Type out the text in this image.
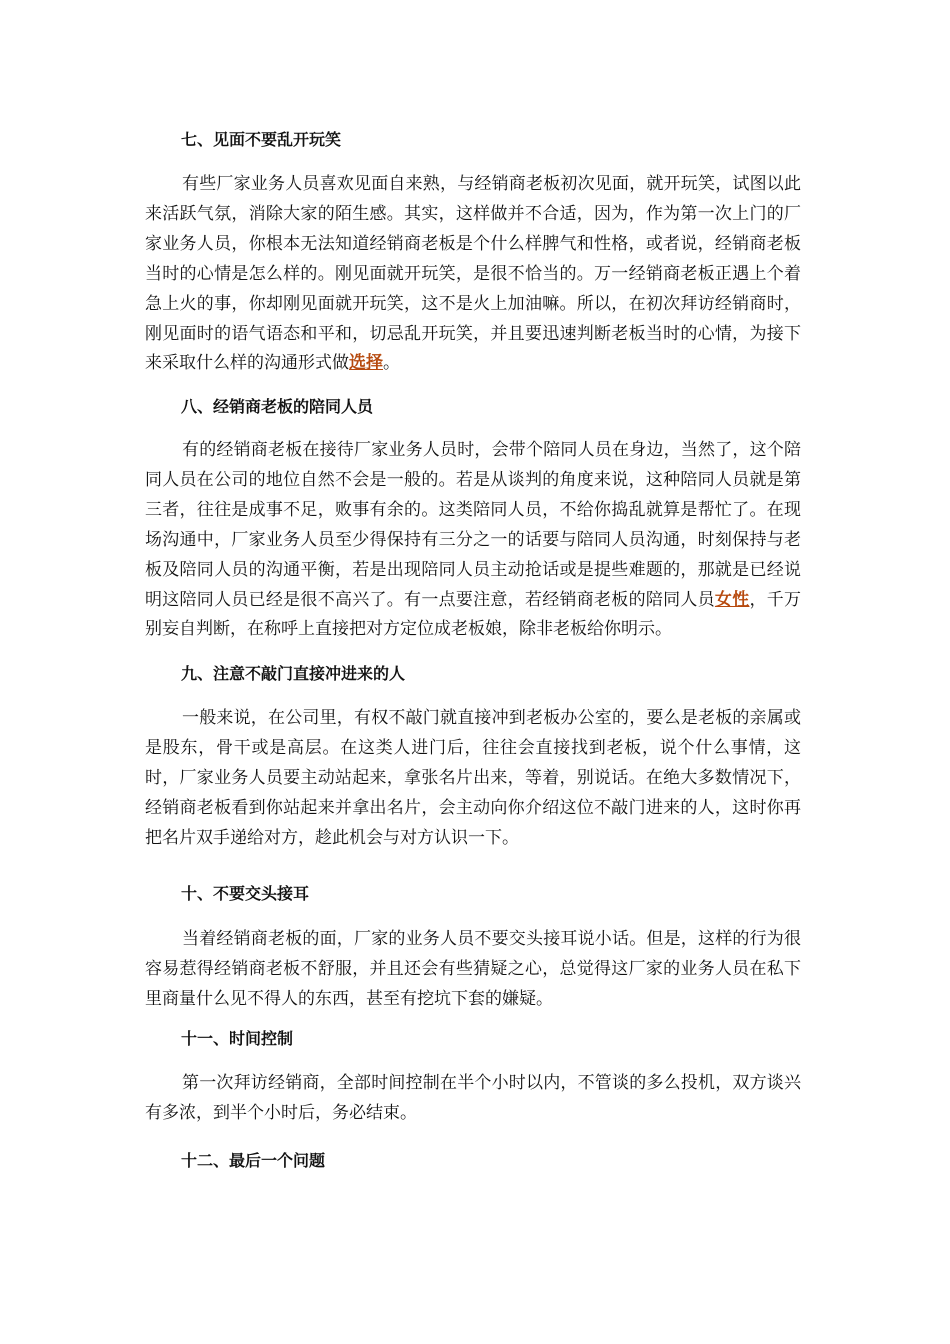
七、见面不要乱开玩笑

有些厂家业务人员喜欢见面自来熟，与经销商老板初次见面，就开玩笑，试图以此来活跃气氛，消除大家的陌生感。其实，这样做并不合适，因为，作为第一次上门的厂家业务人员，你根本无法知道经销商老板是个什么样脾气和性格，或者说，经销商老板当时的心情是怎么样的。刚见面就开玩笑，是很不恰当的。万一经销商老板正遇上个着急上火的事，你却刚见面就开玩笑，这不是火上加油嘛。所以，在初次拜访经销商时，刚见面时的语气语态和平和，切忌乱开玩笑，并且要迅速判断老板当时的心情，为接下来采取什么样的沟通形式做选择。

八、经销商老板的陪同人员

有的经销商老板在接待厂家业务人员时，会带个陪同人员在身边，当然了，这个陪同人员在公司的地位自然不会是一般的。若是从谈判的角度来说，这种陪同人员就是第三者，往往是成事不足，败事有余的。这类陪同人员，不给你捣乱就算是帮忙了。在现场沟通中，厂家业务人员至少得保持有三分之一的话要与陪同人员沟通，时刻保持与老板及陪同人员的沟通平衡，若是出现陪同人员主动抢话或是提些难题的，那就是已经说明这陪同人员已经是很不高兴了。有一点要注意，若经销商老板的陪同人员女性，千万别妄自判断，在称呼上直接把对方定位成老板娘，除非老板给你明示。

九、注意不敲门直接冲进来的人

一般来说，在公司里，有权不敲门就直接冲到老板办公室的，要么是老板的亲属或是股东，骨干或是高层。在这类人进门后，往往会直接找到老板，说个什么事情，这时，厂家业务人员要主动站起来，拿张名片出来，等着，别说话。在绝大多数情况下，经销商老板看到你站起来并拿出名片，会主动向你介绍这位不敲门进来的人，这时你再把名片双手递给对方，趁此机会与对方认识一下。

十、不要交头接耳

当着经销商老板的面，厂家的业务人员不要交头接耳说小话。但是，这样的行为很容易惹得经销商老板不舒服，并且还会有些猜疑之心，总觉得这厂家的业务人员在私下里商量什么见不得人的东西，甚至有挖坑下套的嫌疑。

十一、时间控制

第一次拜访经销商，全部时间控制在半个小时以内，不管谈的多么投机，双方谈兴有多浓，到半个小时后，务必结束。

十二、最后一个问题
